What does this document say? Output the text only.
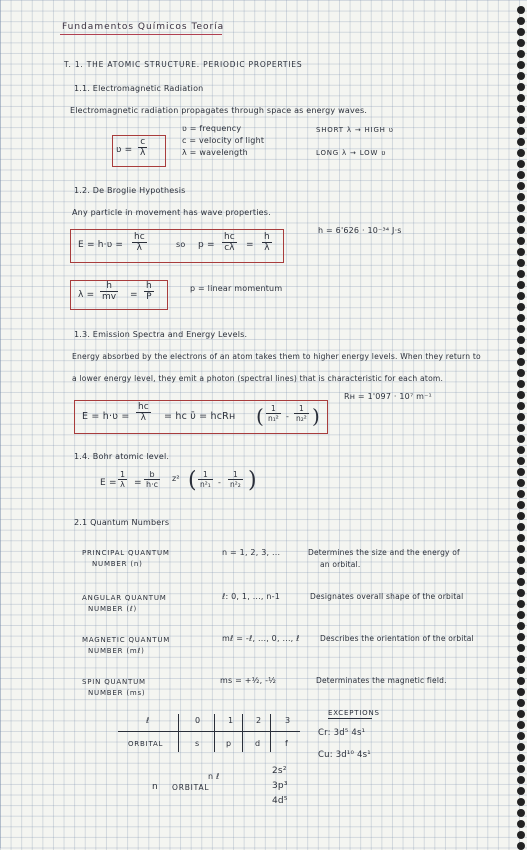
Fundamentos Químicos Teoría
T. 1. THE ATOMIC STRUCTURE. PERIODIC PROPERTIES
1.1. Electromagnetic Radiation
Electromagnetic radiation propagates through space as energy waves.
ʋ = $\frac{c}{\lambda}$
ʋ = frequency
c = velocity of light
λ = wavelength
SHORT λ → HIGH ʋ
LONG λ → LOW ʋ
1.2. De Broglie Hypothesis
Any particle in movement has wave properties.
E = h·ʋ = $\frac{hc}{\lambda}$	so $p = \frac{hc}{c\lambda} = \frac{h}{\lambda}$
h = 6'626 · 10⁻³⁴ J·s
$\lambda = \frac{h}{mv} = \frac{h}{P}$	p = linear momentum
1.3. Emission Spectra and Energy Levels.
Energy absorbed by the electrons of an atom takes them to higher energy levels. When they return to
a lower energy level, they emit a photon (spectral lines) that is characteristic for each atom.
Rн = 1'097 · 10⁷ m⁻¹
E = h·ʋ = $\frac{hc}{\lambda}$ = hc ῡ = hcRн ( $\frac{1}{\text{n₁²}} - \frac{1}{\text{n₂²}}$ )
1.4. Bohr atomic level.
$E = \frac{1}{\lambda} = \frac{b}{h\cdot c} z^2$ ( $\frac{1}{\text{n²₁}} - \frac{1}{\text{n²₂}}$ )
2.1 Quantum Numbers
PRINCIPAL QUANTUM
NUMBER (n)
n = 1, 2, 3, ...	Determines the size and the energy of
an orbital.
ANGULAR QUANTUM
NUMBER (ℓ)
ℓ: 0, 1, ..., n-1	Designates overall shape of the orbital
MAGNETIC QUANTUM
NUMBER (mℓ)
mℓ = -ℓ, ..., 0, ..., ℓ	Describes the orientation of the orbital
SPIN QUANTUM
NUMBER (ms)
ms = +½, -½	Determinates the magnetic field.
ℓ	0	1	2	3
ORBITAL	s	p	d	f
EXCEPTIONS
Cr: 3d⁵ 4s¹
Cu: 3d¹⁰ 4s¹
n ℓ
n ORBITAL
2s²
3p³
4d⁵
